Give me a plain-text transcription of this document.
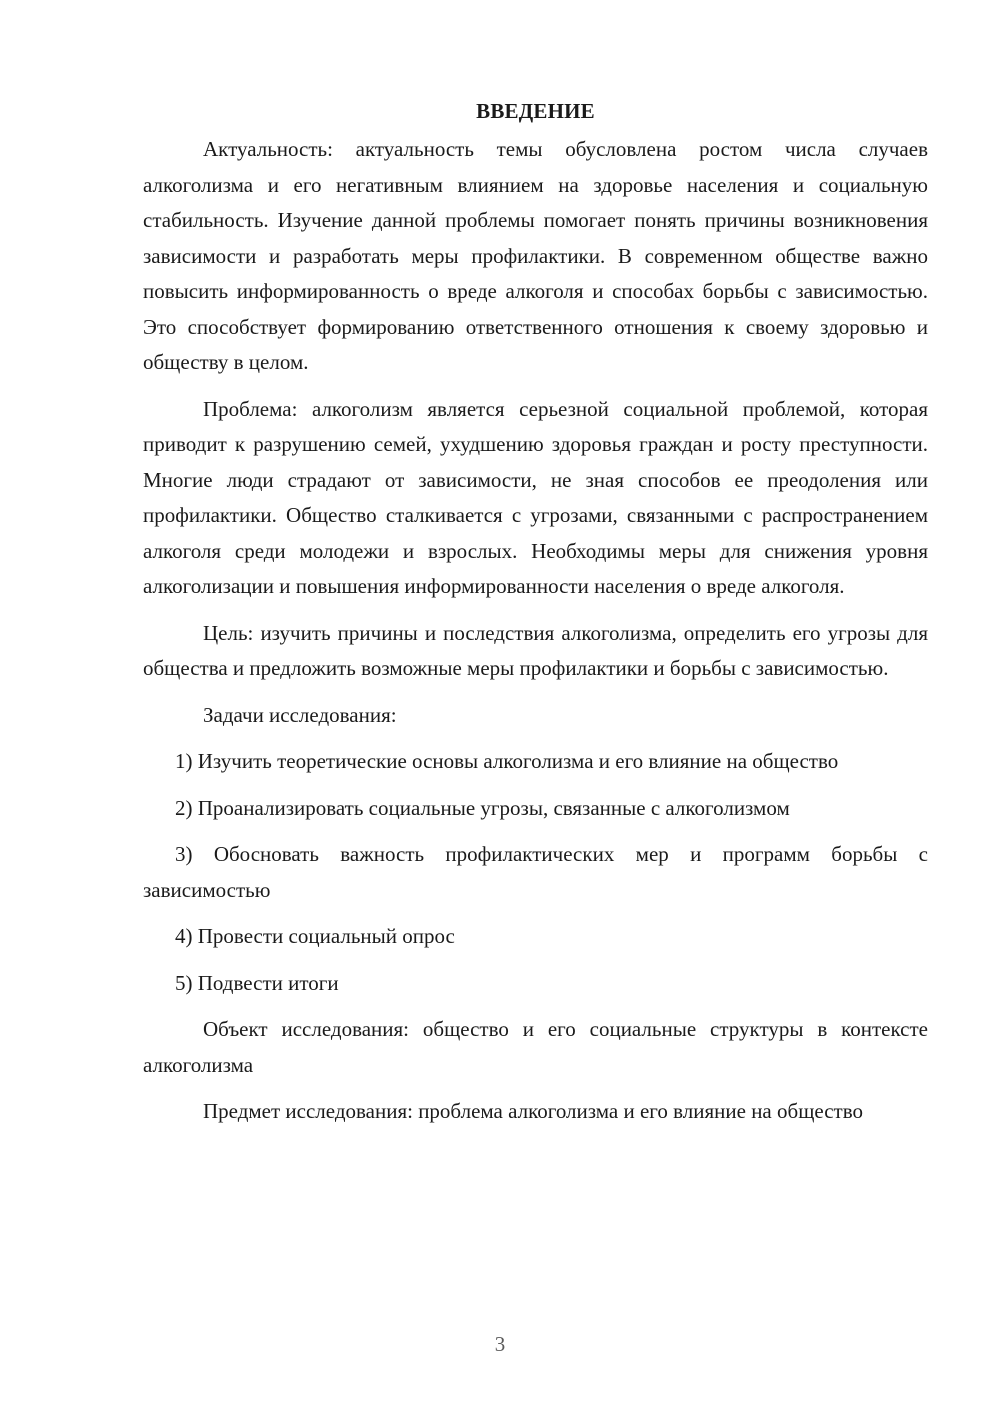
ВВЕДЕНИЕ

Актуальность: актуальность темы обусловлена ростом числа случаев алкоголизма и его негативным влиянием на здоровье населения и социальную стабильность. Изучение данной проблемы помогает понять причины возникновения зависимости и разработать меры профилактики. В современном обществе важно повысить информированность о вреде алкоголя и способах борьбы с зависимостью. Это способствует формированию ответственного отношения к своему здоровью и обществу в целом.

Проблема: алкоголизм является серьезной социальной проблемой, которая приводит к разрушению семей, ухудшению здоровья граждан и росту преступности. Многие люди страдают от зависимости, не зная способов ее преодоления или профилактики. Общество сталкивается с угрозами, связанными с распространением алкоголя среди молодежи и взрослых. Необходимы меры для снижения уровня алкоголизации и повышения информированности населения о вреде алкоголя.

Цель: изучить причины и последствия алкоголизма, определить его угрозы для общества и предложить возможные меры профилактики и борьбы с зависимостью.

Задачи исследования:

1) Изучить теоретические основы алкоголизма и его влияние на общество

2) Проанализировать социальные угрозы, связанные с алкоголизмом

3) Обосновать важность профилактических мер и программ борьбы с зависимостью

4) Провести социальный опрос

5) Подвести итоги

Объект исследования: общество и его социальные структуры в контексте алкоголизма

Предмет исследования: проблема алкоголизма и его влияние на общество

3
